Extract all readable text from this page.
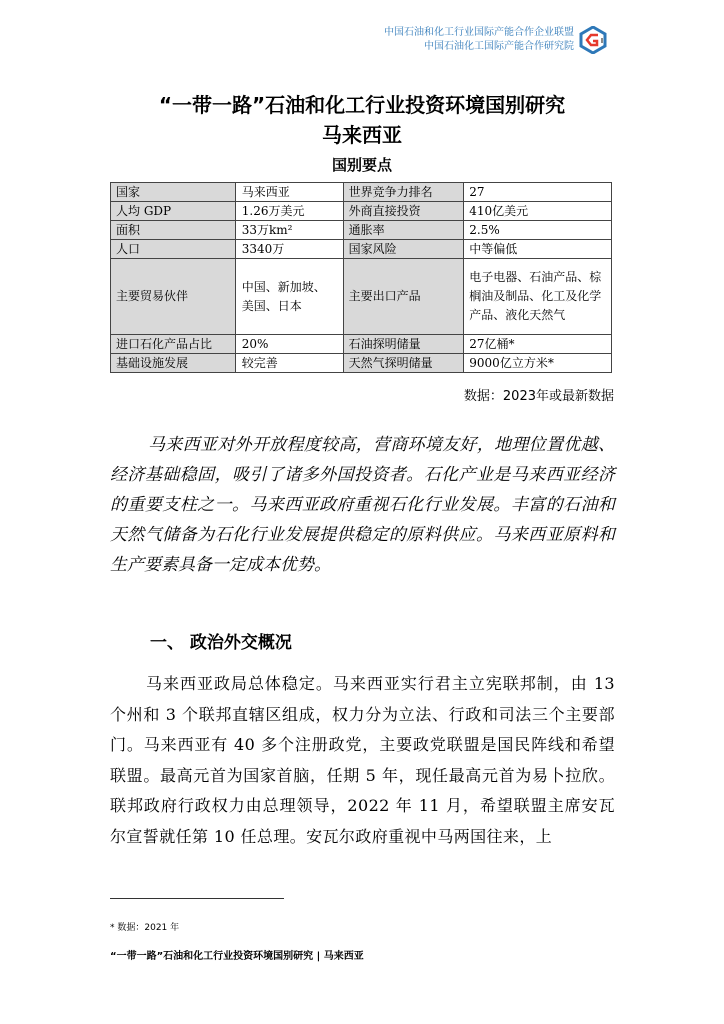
中国石油和化工行业国际产能合作企业联盟
中国石油化工国际产能合作研究院
“一带一路”石油和化工行业投资环境国别研究
马来西亚
国别要点
国家	马来西亚	世界竞争力排名	27
人均 GDP	1.26万美元	外商直接投资	410亿美元
面积	33万km²	通胀率	2.5%
人口	3340万	国家风险	中等偏低
主要贸易伙伴	中国、新加坡、美国、日本	主要出口产品	电子电器、石油产品、棕榈油及制品、化工及化学产品、液化天然气
进口石化产品占比	20%	石油探明储量	27亿桶*
基础设施发展	较完善	天然气探明储量	9000亿立方米*
数据：2023年或最新数据

马来西亚对外开放程度较高，营商环境友好，地理位置优越、经济基础稳固，吸引了诸多外国投资者。石化产业是马来西亚经济的重要支柱之一。马来西亚政府重视石化行业发展。丰富的石油和天然气储备为石化行业发展提供稳定的原料供应。马来西亚原料和生产要素具备一定成本优势。

一、 政治外交概况

马来西亚政局总体稳定。马来西亚实行君主立宪联邦制，由 13 个州和 3 个联邦直辖区组成，权力分为立法、行政和司法三个主要部门。马来西亚有 40 多个注册政党，主要政党联盟是国民阵线和希望联盟。最高元首为国家首脑，任期 5 年，现任最高元首为易卜拉欣。联邦政府行政权力由总理领导，2022 年 11 月，希望联盟主席安瓦尔宣誓就任第 10 任总理。安瓦尔政府重视中马两国往来，上

* 数据：2021 年
“一带一路”石油和化工行业投资环境国别研究 | 马来西亚
